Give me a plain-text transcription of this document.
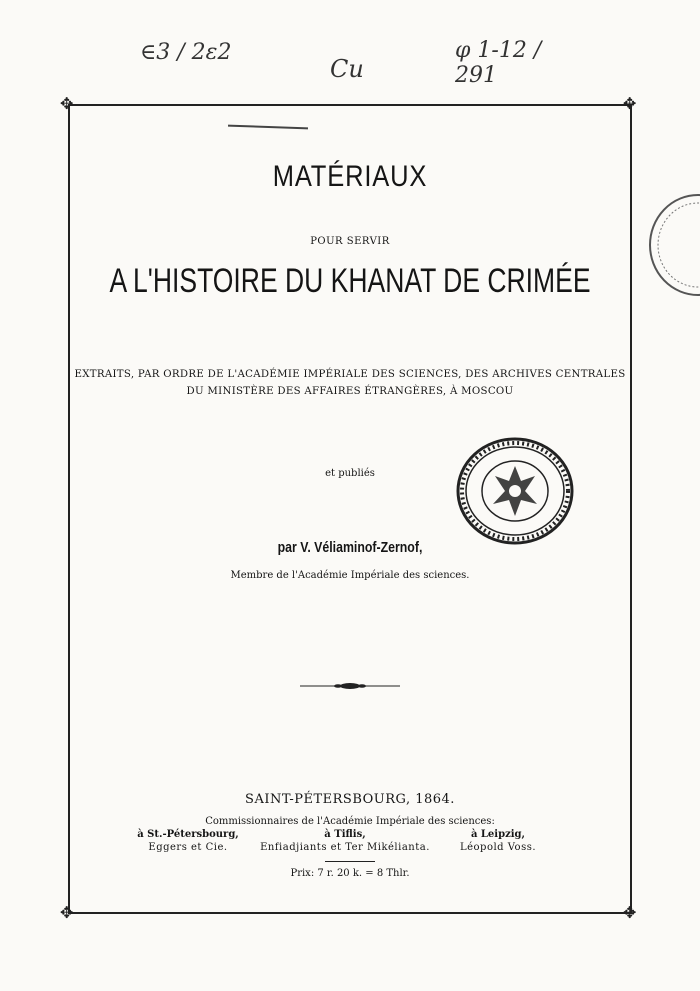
∈3 / 2ε2
Cu
φ 1-12 / 291
✥	✥
✥	✥
MATÉRIAUX
POUR SERVIR
A L'HISTOIRE DU KHANAT DE CRIMÉE
EXTRAITS, PAR ORDRE DE L'ACADÉMIE IMPÉRIALE DES SCIENCES, DES ARCHIVES CENTRALES
DU MINISTÈRE DES AFFAIRES ÉTRANGÈRES, À MOSCOU
et publiés
par V. Véliaminof-Zernof,
Membre de l'Académie Impériale des sciences.
SAINT-PÉTERSBOURG, 1864.
Commissionnaires de l'Académie Impériale des sciences:
à St.-Pétersbourg,
Eggers et Cie.
à Tiflis,
Enfiadjiants et Ter Mikélianta.
à Leipzig,
Léopold Voss.
Prix: 7 r. 20 k. = 8 Thlr.
